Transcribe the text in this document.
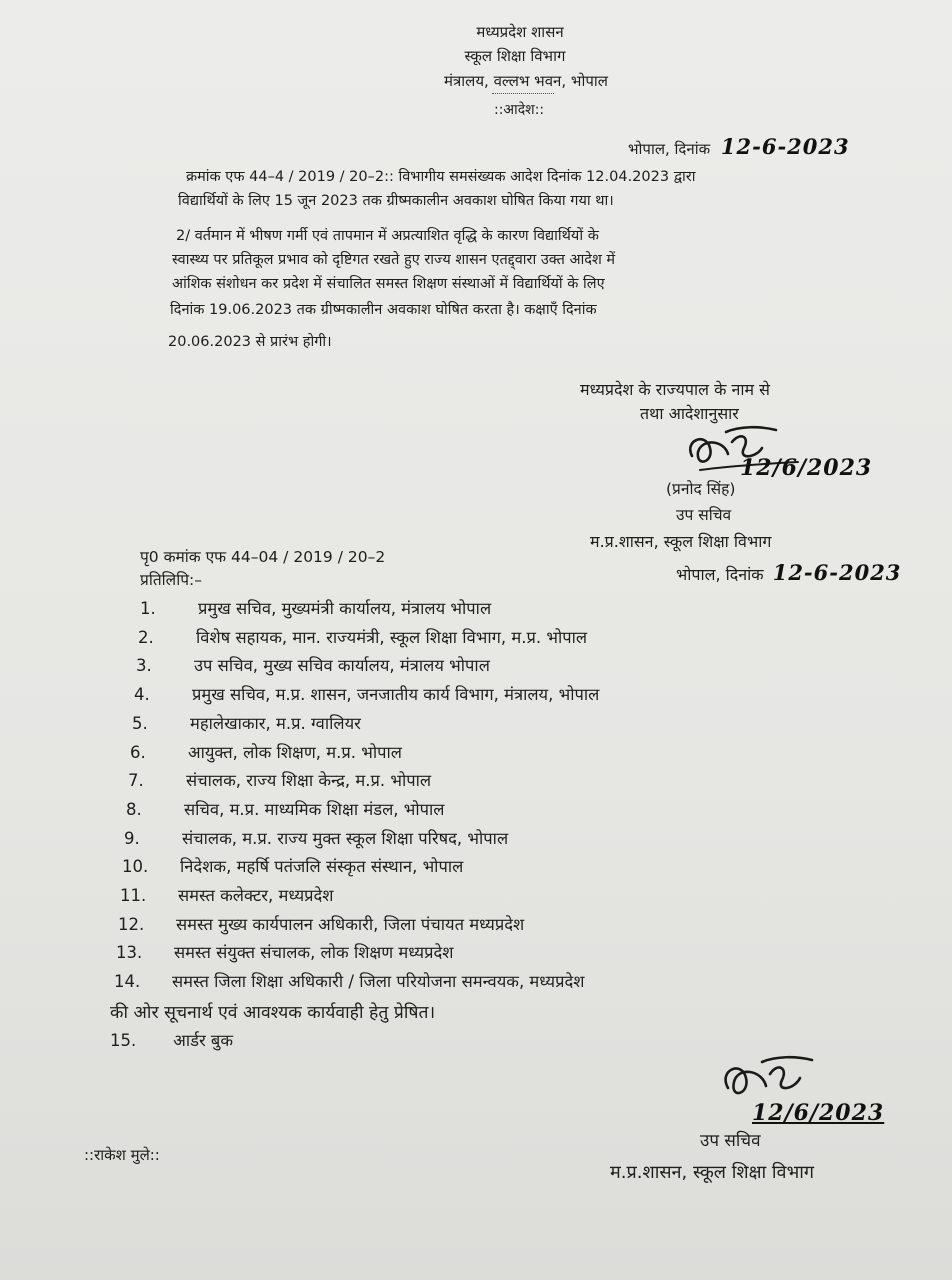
मध्यप्रदेश शासन
स्कूल शिक्षा विभाग
मंत्रालय, वल्लभ भवन, भोपाल
::आदेश::
भोपाल, दिनांक 12-6-2023
क्रमांक एफ 44–4 / 2019 / 20–2:: विभागीय समसंख्यक आदेश दिनांक 12.04.2023 द्वारा
विद्यार्थियों के लिए 15 जून 2023 तक ग्रीष्मकालीन अवकाश घोषित किया गया था।
2/ वर्तमान में भीषण गर्मी एवं तापमान में अप्रत्याशित वृद्धि के कारण विद्यार्थियों के
स्वास्थ्य पर प्रतिकूल प्रभाव को दृष्टिगत रखते हुए राज्य शासन एतद्द्वारा उक्त आदेश में
आंशिक संशोधन कर प्रदेश में संचालित समस्त शिक्षण संस्थाओं में विद्यार्थियों के लिए
दिनांक 19.06.2023 तक ग्रीष्मकालीन अवकाश घोषित करता है। कक्षाएँ दिनांक
20.06.2023 से प्रारंभ होगी।
मध्यप्रदेश के राज्यपाल के नाम से
तथा आदेशानुसार
12/6/2023
(प्रनोद सिंह)
उप सचिव
म.प्र.शासन, स्कूल शिक्षा विभाग
भोपाल, दिनांक 12-6-2023
पृ0 कमांक एफ 44–04 / 2019 / 20–2
प्रतिलिपि:–
1.	प्रमुख सचिव, मुख्यमंत्री कार्यालय, मंत्रालय भोपाल
2.	विशेष सहायक, मान. राज्यमंत्री, स्कूल शिक्षा विभाग, म.प्र. भोपाल
3.	उप सचिव, मुख्य सचिव कार्यालय, मंत्रालय भोपाल
4.	प्रमुख सचिव, म.प्र. शासन, जनजातीय कार्य विभाग, मंत्रालय, भोपाल
5.	महालेखाकार, म.प्र. ग्वालियर
6.	आयुक्त, लोक शिक्षण, म.प्र. भोपाल
7.	संचालक, राज्य शिक्षा केन्द्र, म.प्र. भोपाल
8.	सचिव, म.प्र. माध्यमिक शिक्षा मंडल, भोपाल
9.	संचालक, म.प्र. राज्य मुक्त स्कूल शिक्षा परिषद, भोपाल
10. निदेशक, महर्षि पतंजलि संस्कृत संस्थान, भोपाल
11. समस्त कलेक्टर, मध्यप्रदेश
12. समस्त मुख्य कार्यपालन अधिकारी, जिला पंचायत मध्यप्रदेश
13. समस्त संयुक्त संचालक, लोक शिक्षण मध्यप्रदेश
14. समस्त जिला शिक्षा अधिकारी / जिला परियोजना समन्वयक, मध्यप्रदेश
की ओर सूचनार्थ एवं आवश्यक कार्यवाही हेतु प्रेषित।
15. आर्डर बुक
12/6/2023
उप सचिव
म.प्र.शासन, स्कूल शिक्षा विभाग
::राकेश मुले::
